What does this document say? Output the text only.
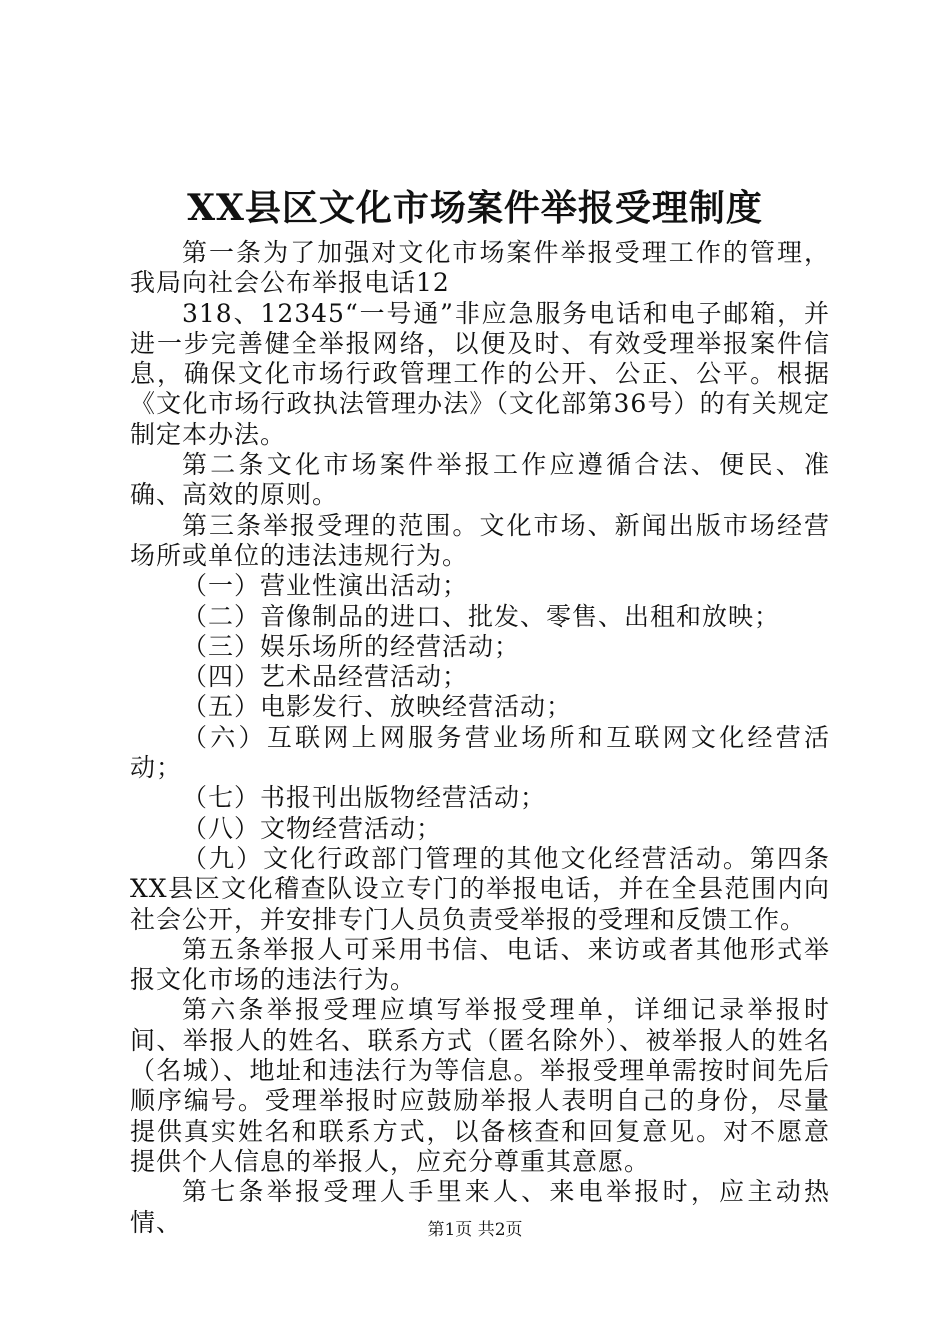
XX县区文化市场案件举报受理制度

第一条为了加强对文化市场案件举报受理工作的管理，我局向社会公布举报电话12

318、12345“一号通”非应急服务电话和电子邮箱，并进一步完善健全举报网络，以便及时、有效受理举报案件信息，确保文化市场行政管理工作的公开、公正、公平。根据《文化市场行政执法管理办法》（文化部第36号）的有关规定制定本办法。

第二条文化市场案件举报工作应遵循合法、便民、准确、高效的原则。

第三条举报受理的范围。文化市场、新闻出版市场经营场所或单位的违法违规行为。

（一）营业性演出活动；

（二）音像制品的进口、批发、零售、出租和放映；

（三）娱乐场所的经营活动；

（四）艺术品经营活动；

（五）电影发行、放映经营活动；

（六）互联网上网服务营业场所和互联网文化经营活动；

（七）书报刊出版物经营活动；

（八）文物经营活动；

（九）文化行政部门管理的其他文化经营活动。第四条XX县区文化稽查队设立专门的举报电话，并在全县范围内向社会公开，并安排专门人员负责受举报的受理和反馈工作。

第五条举报人可采用书信、电话、来访或者其他形式举报文化市场的违法行为。

第六条举报受理应填写举报受理单，详细记录举报时间、举报人的姓名、联系方式（匿名除外）、被举报人的姓名（名城）、地址和违法行为等信息。举报受理单需按时间先后顺序编号。受理举报时应鼓励举报人表明自己的身份，尽量提供真实姓名和联系方式，以备核查和回复意见。对不愿意提供个人信息的举报人，应充分尊重其意愿。

第七条举报受理人手里来人、来电举报时，应主动热情、	第1页 共2页
